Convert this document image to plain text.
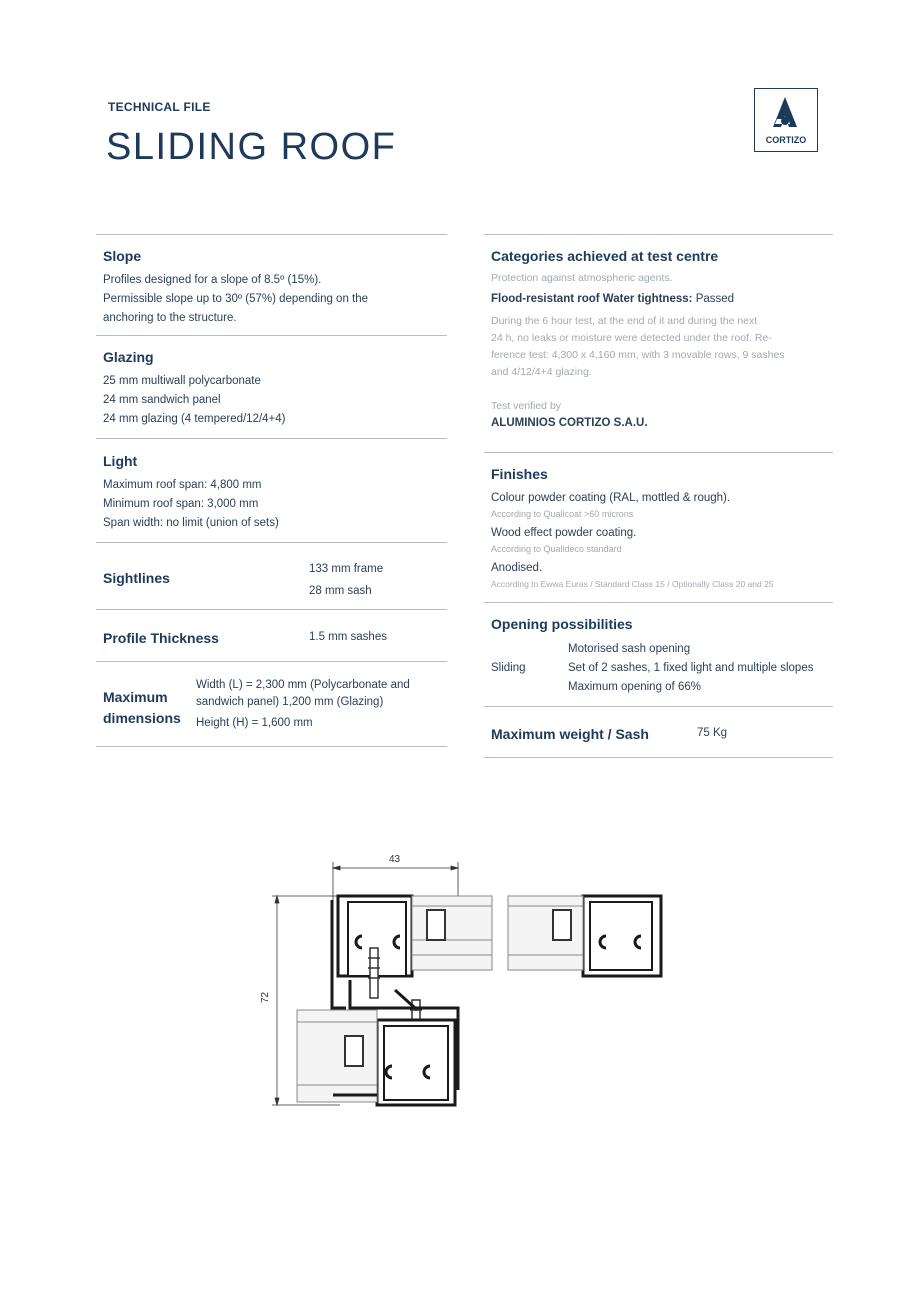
TECHNICAL FILE
SLIDING ROOF	CORTIZO
Slope
Profiles designed for a slope of 8.5º (15%).
Permissible slope up to 30º (57%) depending on the
anchoring to the structure.
Glazing
25 mm multiwall polycarbonate
24 mm sandwich panel
24 mm glazing (4 tempered/12/4+4)
Light
Maximum roof span: 4,800 mm
Minimum roof span: 3,000 mm
Span width: no limit (union of sets)
Sightlines
133 mm frame
28 mm sash
Profile Thickness	1.5 mm sashes
Maximum
dimensions
Width (L) = 2,300 mm (Polycarbonate and
sandwich panel) 1,200 mm (Glazing)
Height (H) = 1,600 mm
Categories achieved at test centre
Protection against atmospheric agents.
Flood-resistant roof Water tightness: Passed
During the 6 hour test, at the end of it and during the next
24 h, no leaks or moisture were detected under the roof. Re-
ference test: 4,300 x 4,160 mm, with 3 movable rows, 9 sashes
and 4/12/4+4 glazing.
Test verified by
ALUMINIOS CORTIZO S.A.U.
Finishes
Colour powder coating (RAL, mottled & rough).
According to Qualicoat >60 microns
Wood effect powder coating.
According to Qualideco standard
Anodised.
According to Ewwa Euras / Standard Class 15 / Optionally Class 20 and 25
Opening possibilities
Sliding
Motorised sash opening
Set of 2 sashes, 1 fixed light and multiple slopes
Maximum opening of 66%
Maximum weight / Sash	75 Kg
43
72
